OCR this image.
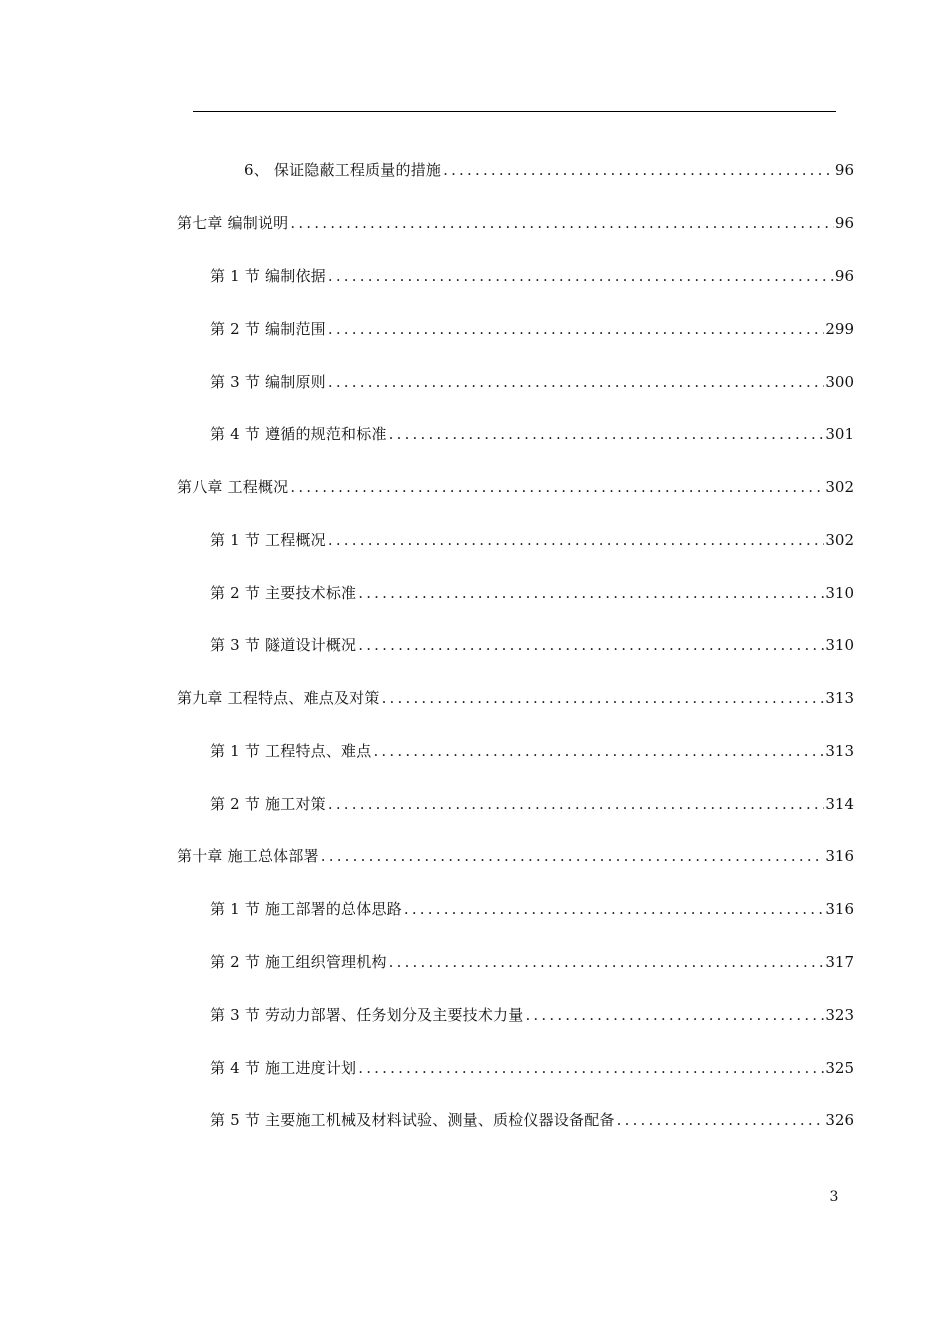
6、 保证隐蔽工程质量的措施 .....	96
第七章 编制说明 .....	96
第 1 节 编制依据 .....	96
第 2 节 编制范围 .....	299
第 3 节 编制原则 .....	300
第 4 节 遵循的规范和标准 .....	301
第八章 工程概况 .....	302
第 1 节 工程概况 .....	302
第 2 节 主要技术标准 .....	310
第 3 节 隧道设计概况 .....	310
第九章 工程特点、难点及对策 .....	313
第 1 节 工程特点、难点 .....	313
第 2 节 施工对策 .....	314
第十章 施工总体部署 .....	316
第 1 节 施工部署的总体思路 .....	316
第 2 节 施工组织管理机构 .....	317
第 3 节 劳动力部署、任务划分及主要技术力量 .....	323
第 4 节 施工进度计划 .....	325
第 5 节 主要施工机械及材料试验、测量、质检仪器设备配备 .....	326
3
